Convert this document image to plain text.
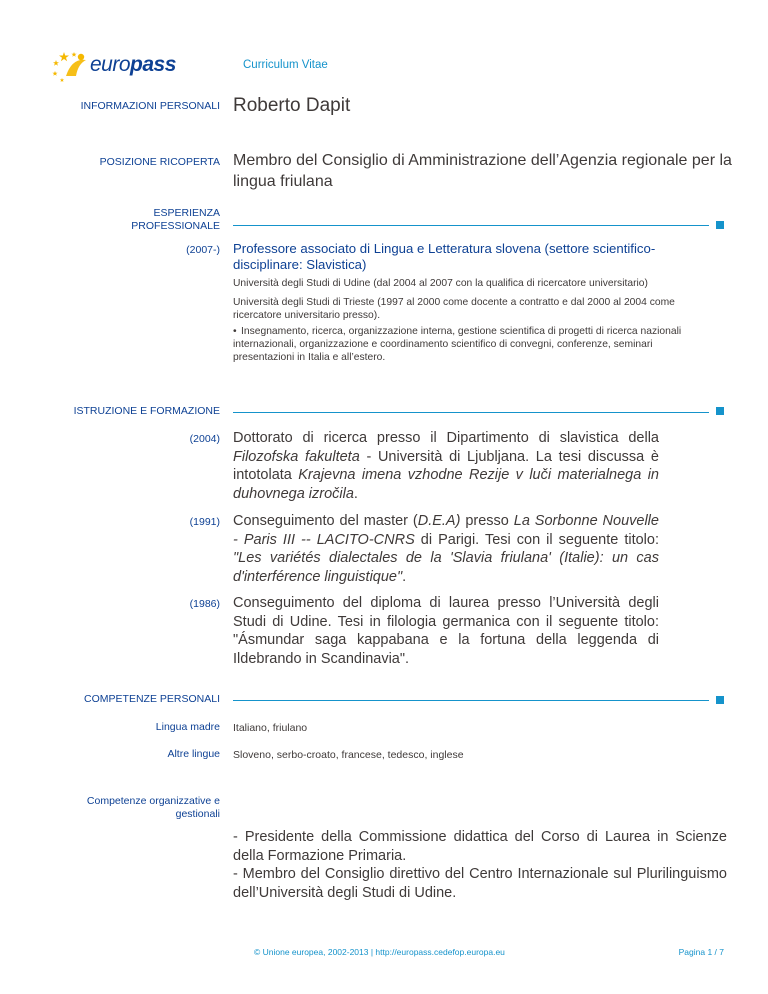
europass	Curriculum Vitae
INFORMAZIONI PERSONALI Roberto Dapit
POSIZIONE RICOPERTA Membro del Consiglio di Amministrazione dell’Agenzia regionale per la lingua friulana
ESPERIENZA
PROFESSIONALE
(2007-) Professore associato di Lingua e Letteratura slovena (settore scientifico-disciplinare: Slavistica)
Università degli Studi di Udine (dal 2004 al 2007 con la qualifica di ricercatore universitario)
Università degli Studi di Trieste (1997 al 2000 come docente a contratto e dal 2000 al 2004 come ricercatore universitario presso).
• Insegnamento, ricerca, organizzazione interna, gestione scientifica di progetti di ricerca nazionali internazionali, organizzazione e coordinamento scientifico di convegni, conferenze, seminari presentazioni in Italia e all’estero.
ISTRUZIONE E FORMAZIONE
(2004) Dottorato di ricerca presso il Dipartimento di slavistica della Filozofska fakulteta - Università di Ljubljana. La tesi discussa è intotolata Krajevna imena vzhodne Rezije v luči materialnega in duhovnega izročila.
(1991) Conseguimento del master (D.E.A) presso La Sorbonne Nouvelle - Paris III -- LACITO-CNRS di Parigi. Tesi con il seguente titolo: "Les variétés dialectales de la 'Slavia friulana' (Italie): un cas d'interférence linguistique".
(1986) Conseguimento del diploma di laurea presso l’Università degli Studi di Udine. Tesi in filologia germanica con il seguente titolo: "Ásmundar saga kappabana e la fortuna della leggenda di Ildebrando in Scandinavia".
COMPETENZE PERSONALI
Lingua madre Italiano, friulano
Altre lingue Sloveno, serbo-croato, francese, tedesco, inglese
Competenze organizzative e
gestionali
- Presidente della Commissione didattica del Corso di Laurea in Scienze della Formazione Primaria.
- Membro del Consiglio direttivo del Centro Internazionale sul Plurilinguismo dell’Università degli Studi di Udine.
© Unione europea, 2002-2013 | http://europass.cedefop.europa.eu	Pagina 1 / 7
